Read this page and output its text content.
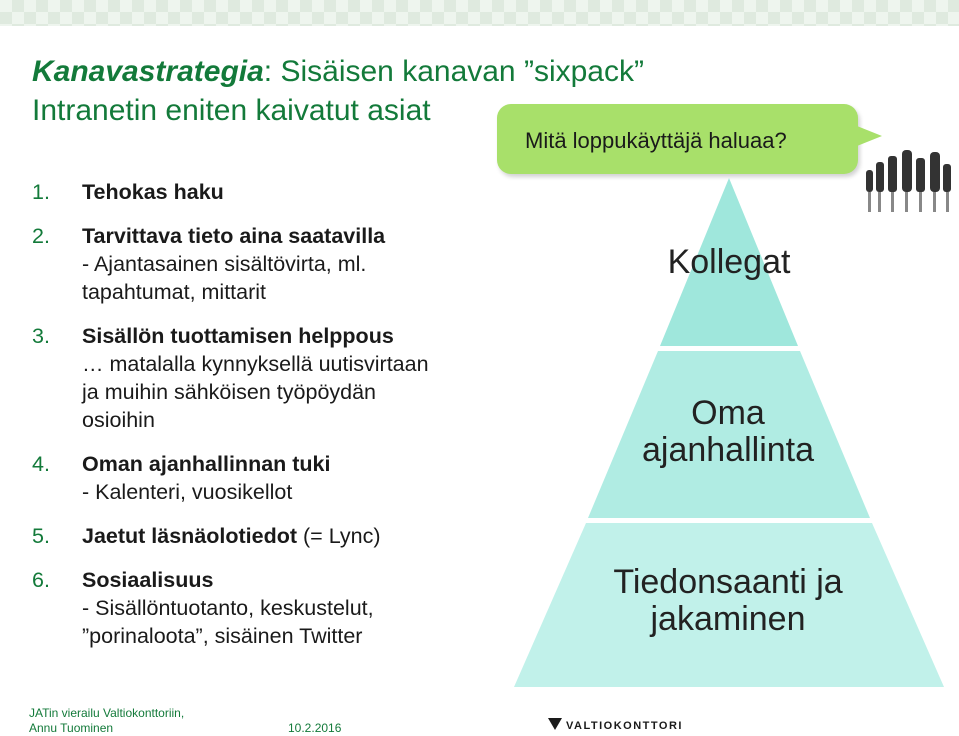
Kanavastrategia: Sisäisen kanavan ”sixpack”
Intranetin eniten kaivatut asiat
Mitä loppukäyttäjä haluaa?
1. Tehokas haku
2. Tarvittava tieto aina saatavilla
- Ajantasainen sisältövirta, ml.
tapahtumat, mittarit
3. Sisällön tuottamisen helppous
… matalalla kynnyksellä uutisvirtaan
ja muihin sähköisen työpöydän
osioihin
4. Oman ajanhallinnan tuki
- Kalenteri, vuosikellot
5. Jaetut läsnäolotiedot (= Lync)
6. Sosiaalisuus
- Sisällöntuotanto, keskustelut,
”porinaloota”, sisäinen Twitter
Kollegat
Oma
ajanhallinta
Tiedonsaanti ja
jakaminen
JATin vierailu Valtiokonttoriin,
Annu Tuominen	10.2.2016	VALTIOKONTTORI
